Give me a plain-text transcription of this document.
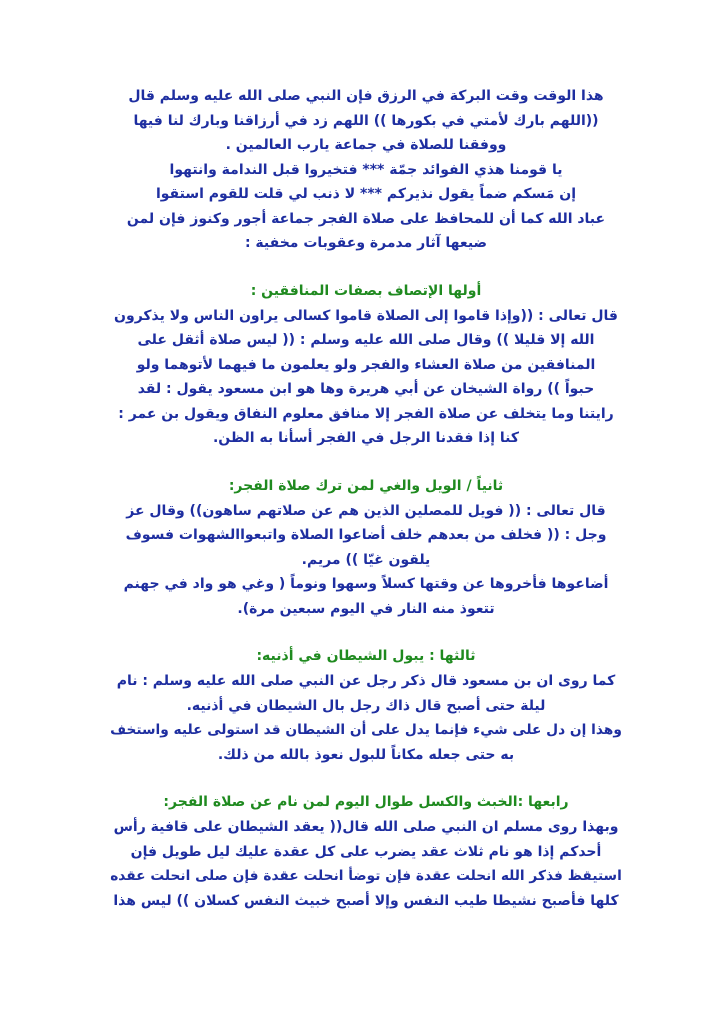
هذا الوقت وقت البركة في الرزق فإن النبي صلى الله عليه وسلم قال
((اللهم بارك لأمتي في بكورها )) اللهم زد في أرزاقنا وبارك لنا فيها
ووفقنا للصلاة في جماعة يارب العالمين .
يا قومنا هذي الفوائد جمّة *** فتخيروا قبل الندامة وانتهوا
إن مَسكم ضماً يقول نذيركم *** لا ذنب لي قلت للقوم استقوا
عباد الله كما أن للمحافظ على صلاة الفجر جماعة أجور وكنوز فإن لمن
ضيعها آثار مدمرة وعقوبات مخفية :
أولها الإتصاف بصفات المنافقين :
قال تعالى : ((وإذا قاموا إلى الصلاة قاموا كسالى يراون الناس ولا يذكرون
الله إلا قليلا )) وقال صلى الله عليه وسلم : (( ليس صلاة أثقل على
المنافقين من صلاة العشاء والفجر ولو يعلمون ما فيهما لأتوهما ولو
حبواً )) رواة الشيخان عن أبي هريرة وها هو ابن مسعود يقول : لقد
رايتنا وما يتخلف عن صلاة الفجر إلا منافق معلوم النفاق ويقول بن عمر :
كنا إذا فقدنا الرجل في الفجر أسأنا به الظن.
ثانياً / الويل والغي لمن ترك صلاة الفجر:
قال تعالى : (( فويل للمصلين الذين هم عن صلاتهم ساهون)) وقال عز
وجل : (( فخلف من بعدهم خلف أضاعوا الصلاة واتبعواالشهوات فسوف
يلقون غيّا )) مريم.
أضاعوها فأخروها عن وقتها كسلاً وسهوا ونوماً ( وغي هو واد في جهنم
تتعوذ منه النار في اليوم سبعين مرة).
ثالثها : يبول الشيطان في أذنيه:
كما روى ان بن مسعود قال ذكر رجل عن النبي صلى الله عليه وسلم : نام
ليلة حتى أصبح قال ذاك رجل بال الشيطان في أذنيه.
وهذا إن دل على شيء فإنما يدل على أن الشيطان قد استولى عليه واستخف
به حتى جعله مكاناً للبول نعوذ بالله من ذلك.
رابعها :الخبث والكسل طوال اليوم لمن نام عن صلاة الفجر:
وبهذا روى مسلم ان النبي صلى الله قال(( يعقد الشيطان على قافية رأس
أحدكم إذا هو نام ثلاث عقد يضرب على كل عقدة عليك ليل طويل فإن
استيقظ فذكر الله انحلت عقدة فإن توضأ انحلت عقدة فإن صلى انحلت عقده
كلها فأصبح نشيطا طيب النفس وإلا أصبح خبيث النفس كسلان )) ليس هذا
